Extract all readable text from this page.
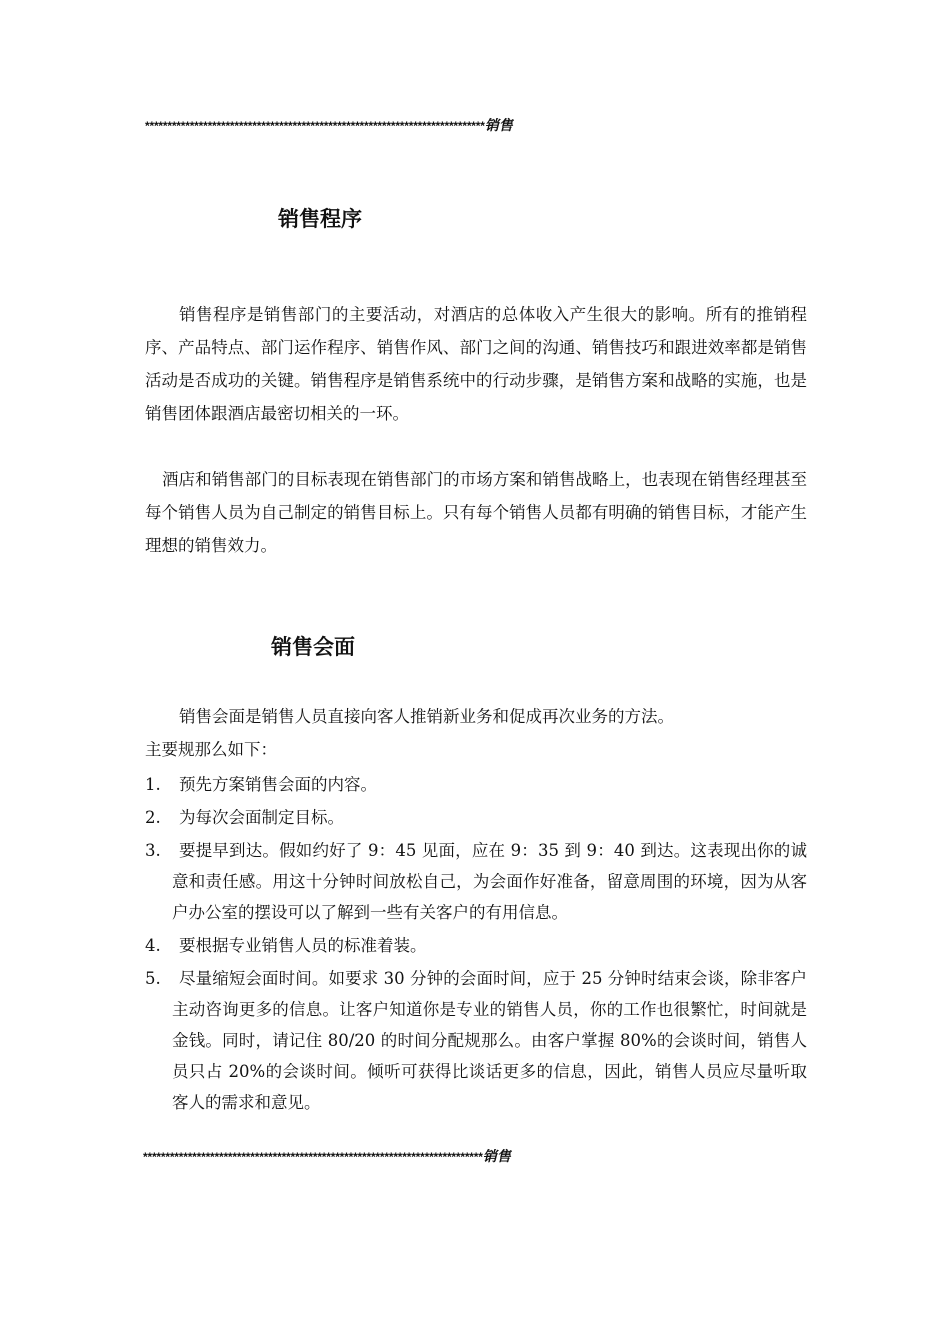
****************************************************************************销售
销售程序
销售程序是销售部门的主要活动，对酒店的总体收入产生很大的影响。所有的推销程序、产品特点、部门运作程序、销售作风、部门之间的沟通、销售技巧和跟进效率都是销售活动是否成功的关键。销售程序是销售系统中的行动步骤，是销售方案和战略的实施，也是销售团体跟酒店最密切相关的一环。
酒店和销售部门的目标表现在销售部门的市场方案和销售战略上，也表现在销售经理甚至每个销售人员为自己制定的销售目标上。只有每个销售人员都有明确的销售目标，才能产生理想的销售效力。
销售会面
销售会面是销售人员直接向客人推销新业务和促成再次业务的方法。
主要规那么如下：
1.	预先方案销售会面的内容。
2.	为每次会面制定目标。
3.	要提早到达。假如约好了 9：45 见面，应在 9：35 到 9：40 到达。这表现出你的诚意和责任感。用这十分钟时间放松自己，为会面作好准备，留意周围的环境，因为从客户办公室的摆设可以了解到一些有关客户的有用信息。
4.	要根据专业销售人员的标准着装。
5.	尽量缩短会面时间。如要求 30 分钟的会面时间，应于 25 分钟时结束会谈，除非客户主动咨询更多的信息。让客户知道你是专业的销售人员，你的工作也很繁忙，时间就是金钱。同时，请记住 80/20 的时间分配规那么。由客户掌握 80%的会谈时间，销售人员只占 20%的会谈时间。倾听可获得比谈话更多的信息，因此，销售人员应尽量听取客人的需求和意见。
****************************************************************************销售
